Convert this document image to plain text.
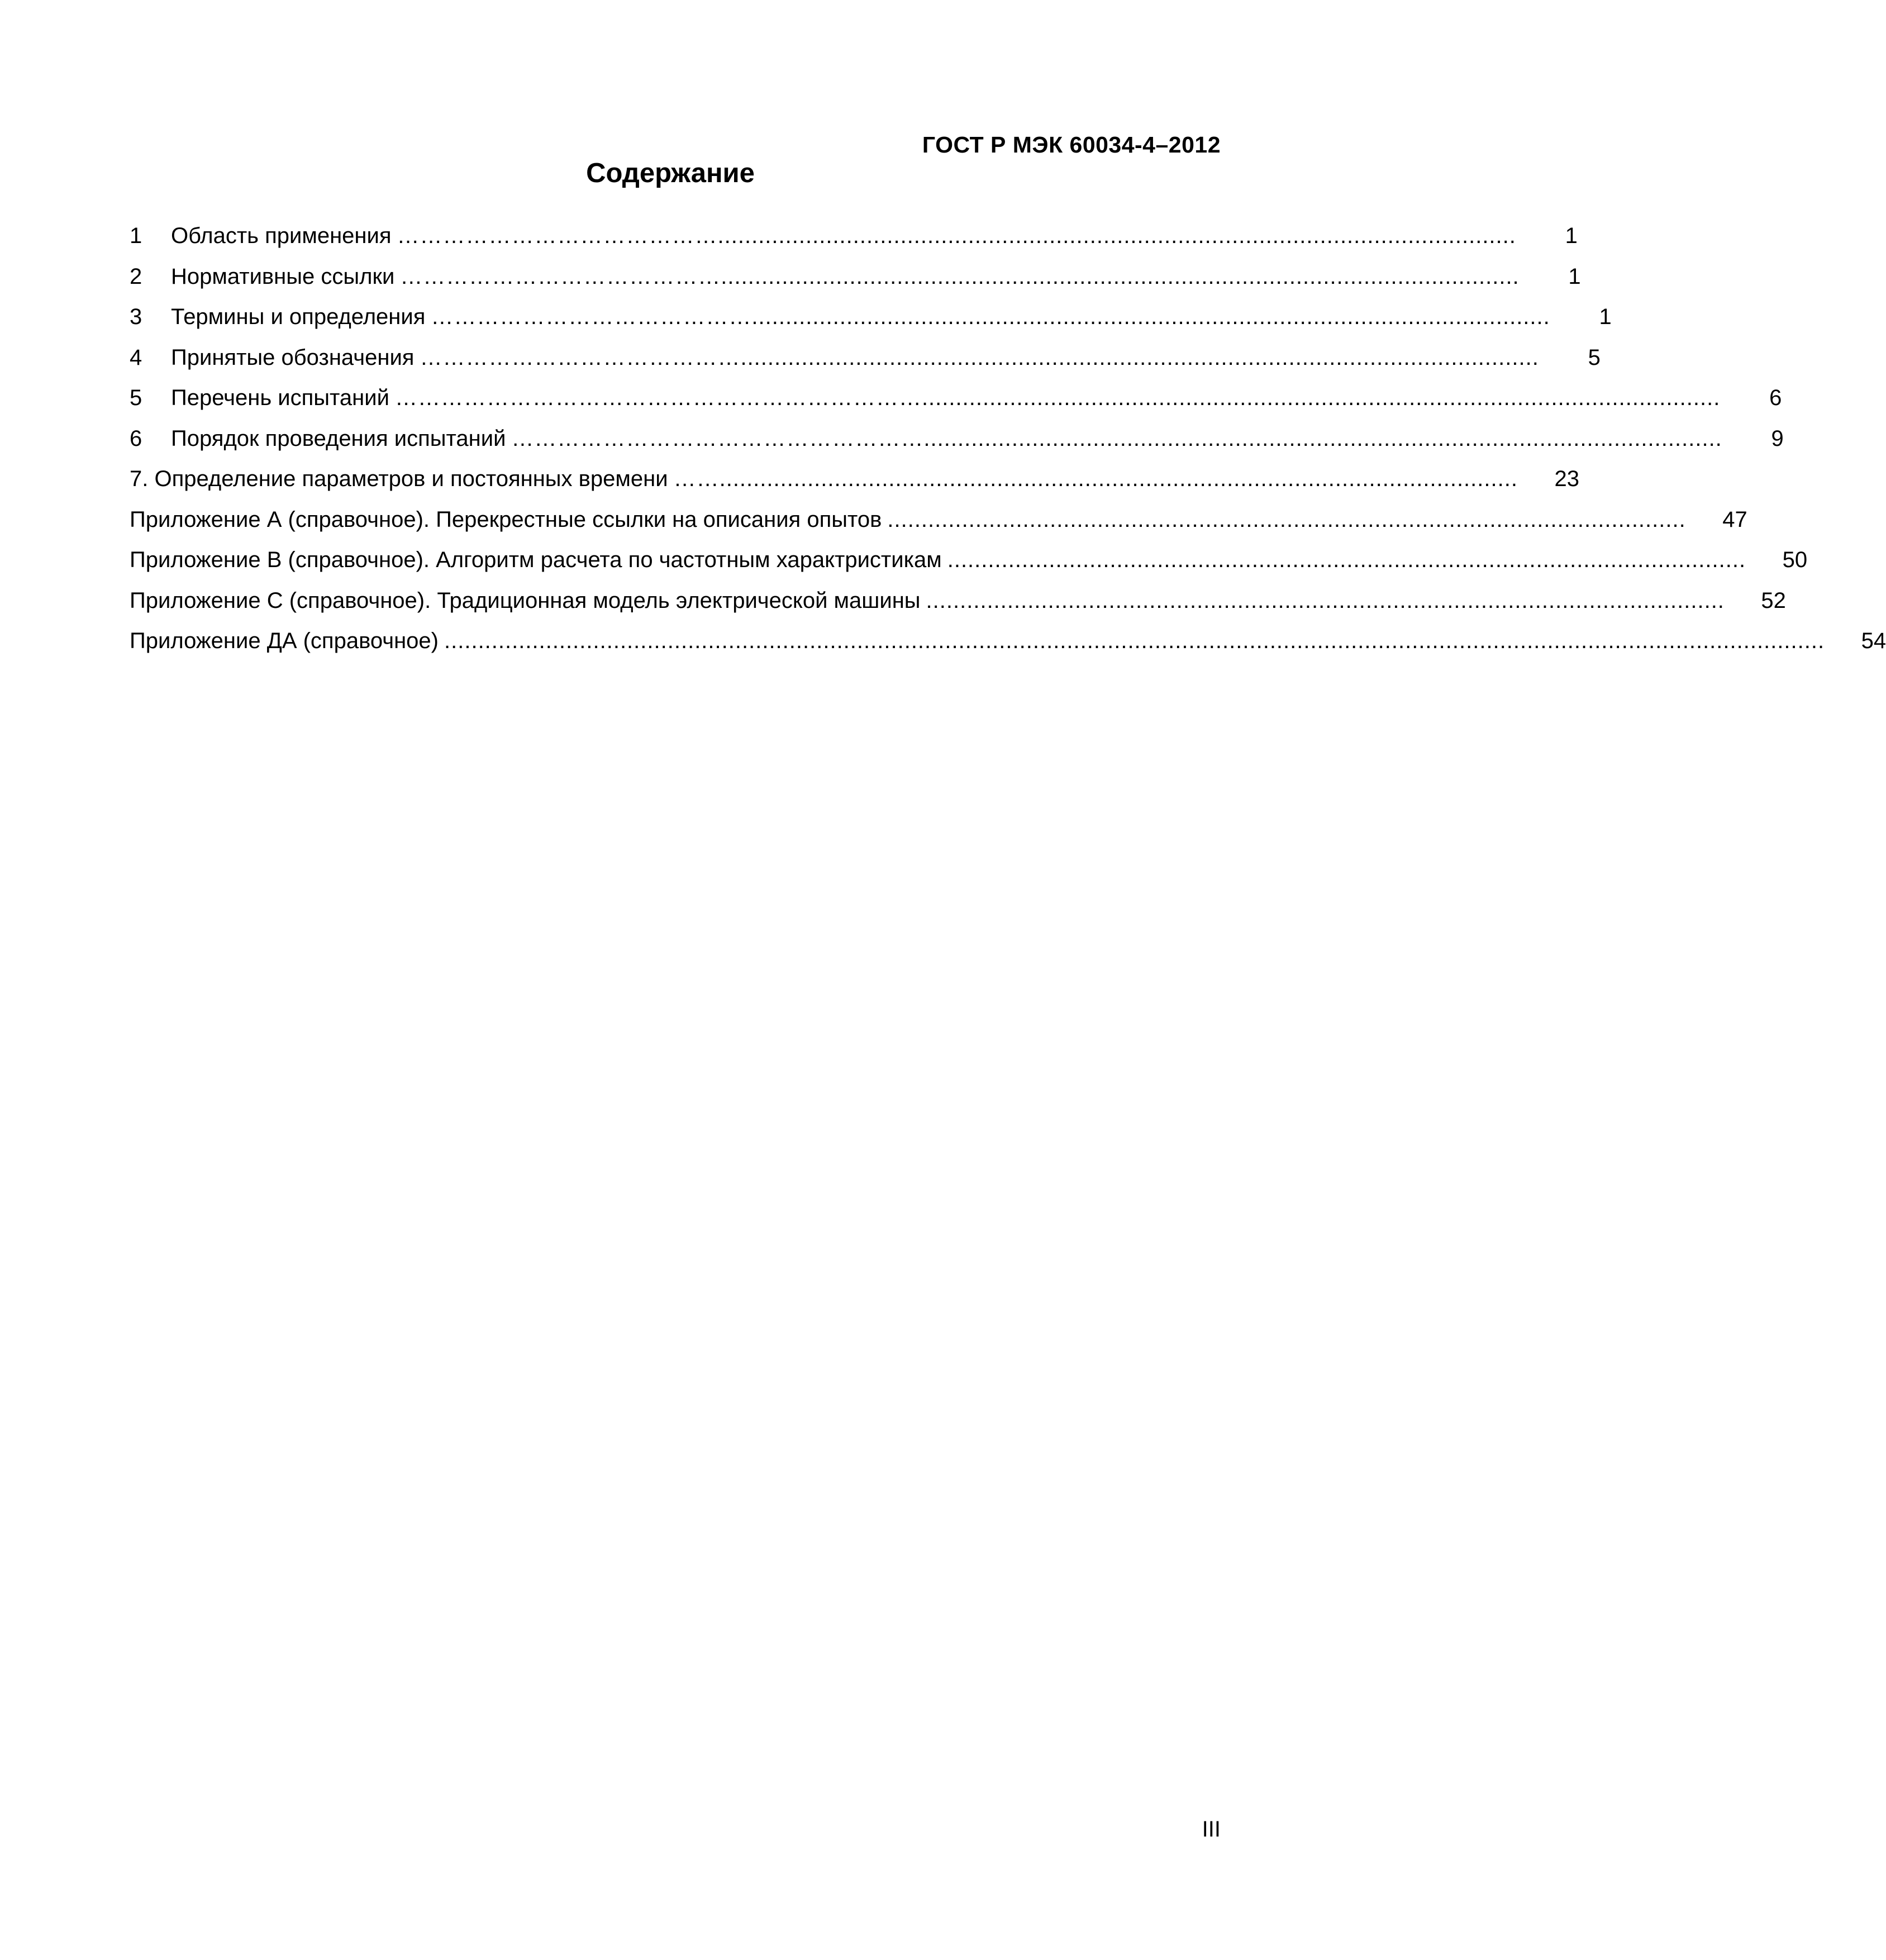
ГОСТ Р МЭК 60034-4–2012
Содержание
1	Область применения ……………………………………......................................................................................................................	1
2	Нормативные ссылки ……………………………………......................................................................................................................	1
3	Термины и определения ……………………………………......................................................................................................................	1
4	Принятые обозначения ……………………………………......................................................................................................................	5
5	Перечень испытаний ……………………………………………………………......................................................................................................................	6
6	Порядок проведения испытаний ………………………………………………......................................................................................................................	9
7. Определение параметров и постоянных времени ……......................................................................................................................	23
Приложение А (справочное). Перекрестные ссылки на описания опытов ......................................................................................................................	47
Приложение В (справочное). Алгоритм расчета по частотным характристикам ......................................................................................................................	50
Приложение С (справочное). Традиционная модель электрической машины ......................................................................................................................	52
Приложение ДА (справочное) ............................................................................................................................................................................................................	54
III
